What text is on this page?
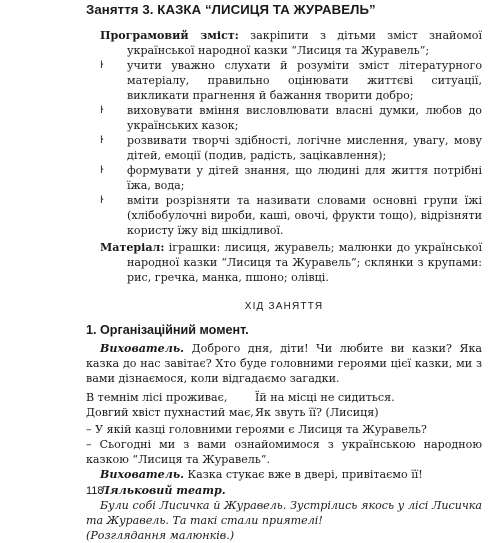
Заняття 3. КАЗКА “ЛИСИЦЯ ТА ЖУРАВЕЛЬ”

Програмовий зміст: закріпити з дітьми зміст знайомої української народної казки “Лисиця та Журавель”;

ŀ	учити уважно слухати й розуміти зміст літературного матеріалу, правильно оцінювати життєві ситуації, викликати прагнення й бажання творити добро;
ŀ	виховувати вміння висловлювати власні думки, любов до українських казок;
ŀ	розвивати творчі здібності, логічне мислення, увагу, мову дітей, емоції (подив, радість, зацікавлення);
ŀ	формувати у дітей знання, що людині для життя потрібні їжа, вода;
ŀ	вміти розрізняти та називати словами основні групи їжі (хлібобулочні вироби, каші, овочі, фрукти тощо), відрізняти користу їжу від шкідливої.

Матеріал: іграшки: лисиця, журавель; малюнки до української народної казки “Лисиця та Журавель”; склянки з крупами: рис, гречка, манка, пшоно; олівці.

ХІД ЗАНЯТТЯ
1. Організаційний момент.

Вихователь. Доброго дня, діти! Чи любите ви казки? Яка казка до нас завітає? Хто буде головними героями цієї казки, ми з вами дізнаємося, коли відгадаємо загадки.

В темнім лісі проживає,

Довгий хвіст пухнастий має,

Їй на місці не сидиться.

Як звуть її? (Лисиця)

– У якій казці головними героями є Лисиця та Журавель?

– Сьогодні ми з вами ознайомимося з українською народною казкою “Лисиця та Журавель”.

Вихователь. Казка стукає вже в двері, привітаємо її!

Ляльковий театр.

Були собі Лисичка й Журавель. Зустрілись якось у лісі Лисичка та Журавель. Та такі стали приятелі!

(Розглядання малюнків.)

118
